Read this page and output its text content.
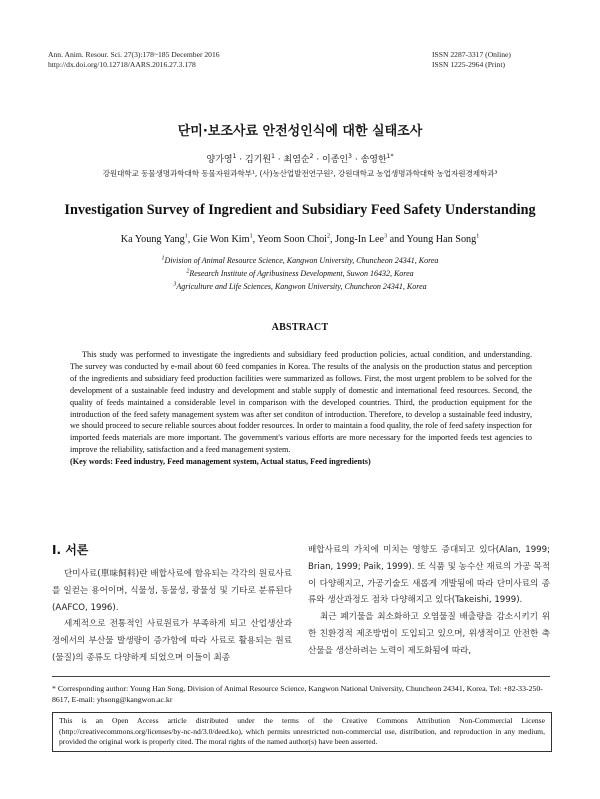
Ann. Anim. Resour. Sci. 27(3):178~185 December 2016
http://dx.doi.org/10.12718/AARS.2016.27.3.178
ISSN 2287-3317 (Online)
ISSN 1225-2964 (Print)
단미·보조사료 안전성인식에 대한 실태조사
양가영$^1$ · 김기원$^1$ · 최염순$^2$ · 이종인$^3$ · 송영한$^{1*}$
강원대학교 동물생명과학대학 동물자원과학부¹, (사)농산업발전연구원², 강원대학교 농업생명과학대학 농업자원경제학과³
Investigation Survey of Ingredient and Subsidiary Feed Safety Understanding
Ka Young Yang$^1$, Gie Won Kim$^1$, Yeom Soon Choi$^2$, Jong-In Lee$^3$ and Young Han Song$^1$
$^1$Division of Animal Resource Science, Kangwon University, Chuncheon 24341, Korea
$^2$Research Institute of Agribusiness Development, Suwon 16432, Korea
$^3$Agriculture and Life Sciences, Kangwon University, Chuncheon 24341, Korea
ABSTRACT

This study was performed to investigate the ingredients and subsidiary feed production policies, actual condition, and understanding. The survey was conducted by e-mail about 60 feed companies in Korea. The results of the analysis on the production status and perception of the ingredients and subsidiary feed production facilities were summarized as follows. First, the most urgent problem to be solved for the development of a sustainable feed industry and development and stable supply of domestic and international feed resources. Second, the quality of feeds maintained a considerable level in comparison with the developed countries. Third, the production equipment for the introduction of the feed safety management system was after set conditon of introduction. Therefore, to develop a sustainable feed industry, we should proceed to secure reliable sources about fodder resources. In order to maintain a food quality, the role of feed safety inspection for imported feeds materials are more important. The government's various efforts are more necessary for the imported feeds test agencies to improve the reliability, satisfaction and a feed management system.

(Key words: Feed industry, Feed management system, Actual status, Feed ingredients)
I. 서론

단미사료(單味飼料)란 배합사료에 함유되는 각각의 원료사료를 일컫는 용어이며, 식물성, 동물성, 광물성 및 기타로 분류된다(AAFCO, 1996).

세계적으로 전통적인 사료원료가 부족하게 되고 산업생산과정에서의 부산물 발생량이 증가함에 따라 사료로 활용되는 원료(물질)의 종류도 다양하게 되었으며 이들이 최종

배합사료의 가치에 미치는 영향도 증대되고 있다(Alan, 1999; Brian, 1999; Paik, 1999). 또 식품 및 농수산 재료의 가공 목적이 다양해지고, 가공기술도 새롭게 개발됨에 따라 단미사료의 종류와 생산과정도 점차 다양해지고 있다(Takeishi, 1999).

최근 폐기물을 최소화하고 오염물질 배출량을 감소시키기 위한 친환경적 제조방법이 도입되고 있으며, 위생적이고 안전한 축산물을 생산하려는 노력이 제도화됨에 따라,

* Corresponding author: Young Han Song, Division of Animal Resource Science, Kangwon National University, Chuncheon 24341, Korea. Tel: +82-33-250-8617, E-mail: yhsong@kangwon.ac.kr
This is an Open Access article distributed under the terms of the Creative Commons Attribution Non-Commercial License (http://creativecommons.org/licenses/by-nc-nd/3.0/deed.ko), which permits unrestricted non-commercial use, distribution, and reproduction in any medium, provided the original work is properly cited. The moral rights of the named author(s) have been asserted.
